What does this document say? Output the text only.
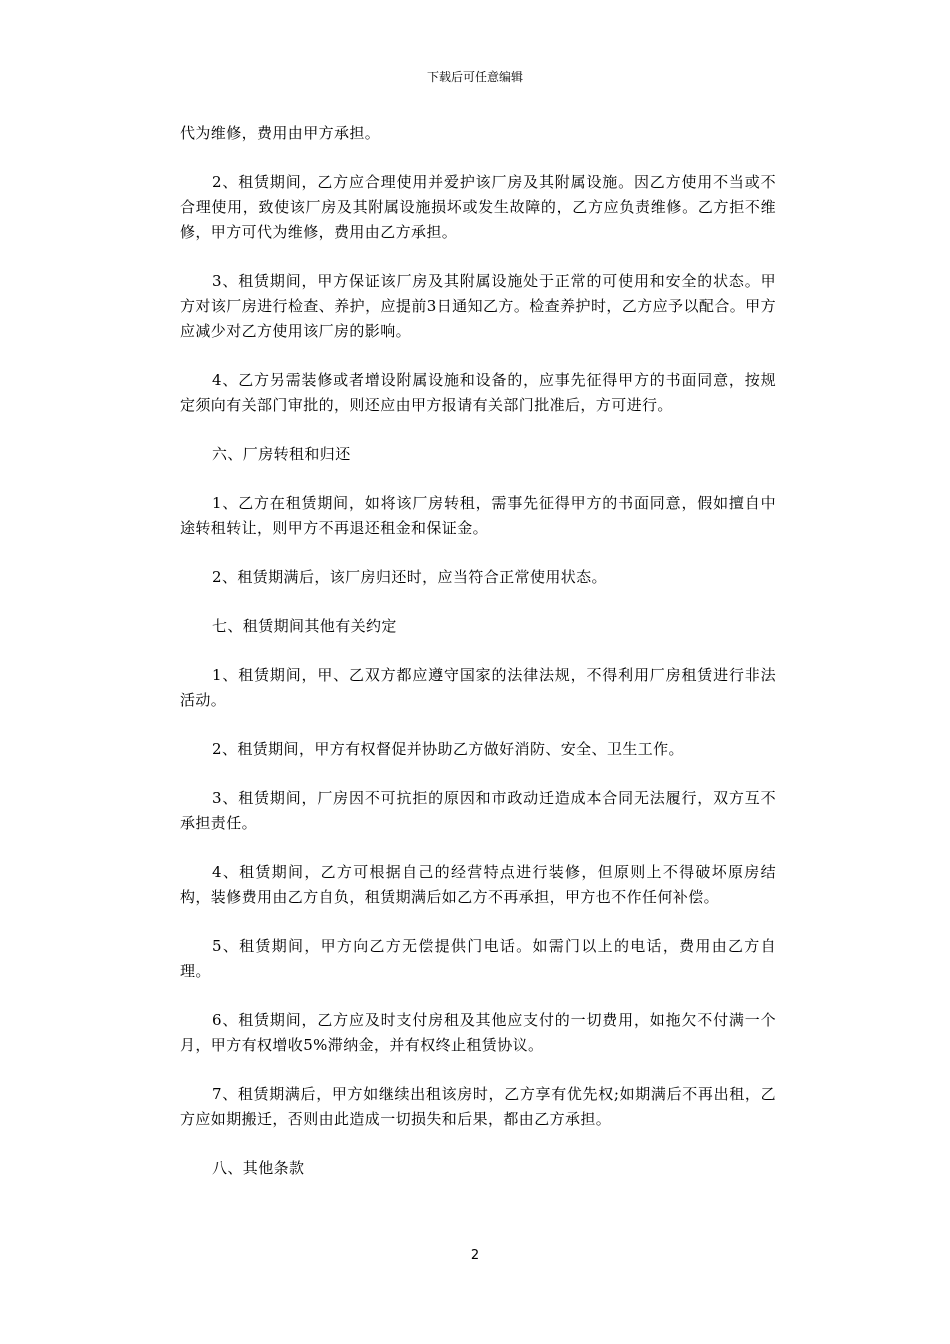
下载后可任意编辑

代为维修，费用由甲方承担。

2、租赁期间，乙方应合理使用并爱护该厂房及其附属设施。因乙方使用不当或不合理使用，致使该厂房及其附属设施损坏或发生故障的，乙方应负责维修。乙方拒不维修，甲方可代为维修，费用由乙方承担。

3、租赁期间，甲方保证该厂房及其附属设施处于正常的可使用和安全的状态。甲方对该厂房进行检查、养护，应提前3日通知乙方。检查养护时，乙方应予以配合。甲方应减少对乙方使用该厂房的影响。

4、乙方另需装修或者增设附属设施和设备的，应事先征得甲方的书面同意，按规定须向有关部门审批的，则还应由甲方报请有关部门批准后，方可进行。

六、厂房转租和归还

1、乙方在租赁期间，如将该厂房转租，需事先征得甲方的书面同意，假如擅自中途转租转让，则甲方不再退还租金和保证金。

2、租赁期满后，该厂房归还时，应当符合正常使用状态。

七、租赁期间其他有关约定

1、租赁期间，甲、乙双方都应遵守国家的法律法规，不得利用厂房租赁进行非法活动。

2、租赁期间，甲方有权督促并协助乙方做好消防、安全、卫生工作。

3、租赁期间，厂房因不可抗拒的原因和市政动迁造成本合同无法履行，双方互不承担责任。

4、租赁期间，乙方可根据自己的经营特点进行装修，但原则上不得破坏原房结构，装修费用由乙方自负，租赁期满后如乙方不再承担，甲方也不作任何补偿。

5、租赁期间，甲方向乙方无偿提供门电话。如需门以上的电话，费用由乙方自理。

6、租赁期间，乙方应及时支付房租及其他应支付的一切费用，如拖欠不付满一个月，甲方有权增收5%滞纳金，并有权终止租赁协议。

7、租赁期满后，甲方如继续出租该房时，乙方享有优先权;如期满后不再出租，乙方应如期搬迁，否则由此造成一切损失和后果，都由乙方承担。

八、其他条款

2
